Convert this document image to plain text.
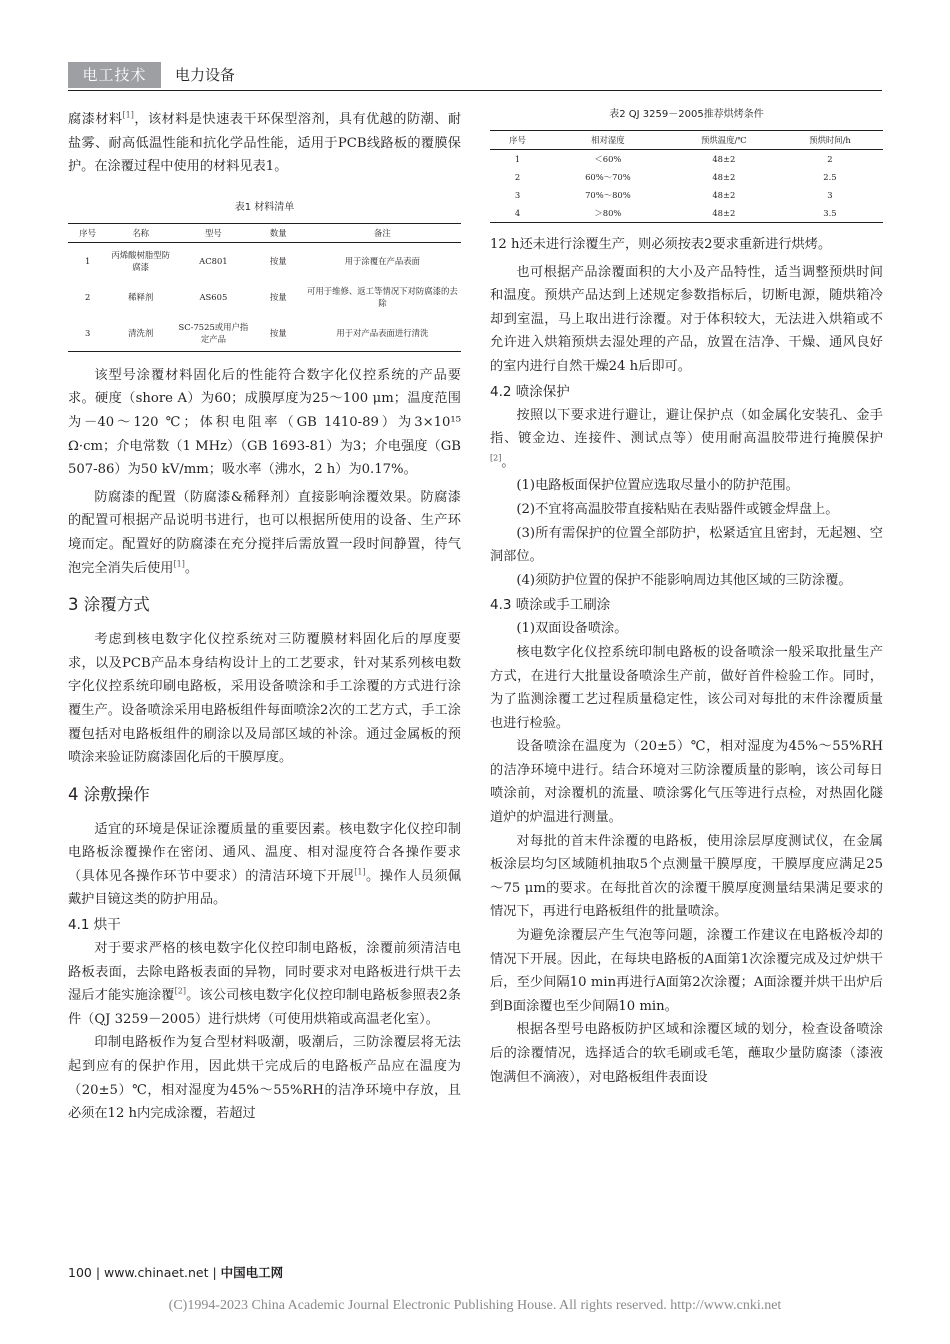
电工技术	电力设备

腐漆材料[1]，该材料是快速表干环保型溶剂，具有优越的防潮、耐盐雾、耐高低温性能和抗化学品性能，适用于PCB线路板的覆膜保护。在涂覆过程中使用的材料见表1。

表1 材料清单
序号	名称	型号	数量	备注
1	丙烯酸树脂型防腐漆	AC801	按量	用于涂覆在产品表面
2	稀释剂	AS605	按量	可用于维修、返工等情况下对防腐漆的去除
3	清洗剂	SC-7525或用户指定产品	按量	用于对产品表面进行清洗

该型号涂覆材料固化后的性能符合数字化仪控系统的产品要求。硬度（shore A）为60；成膜厚度为25～100 μm；温度范围为－40～120 ℃；体积电阻率（GB 1410-89）为3×10¹⁵ Ω·cm；介电常数（1 MHz）（GB 1693-81）为3；介电强度（GB 507-86）为50 kV/mm；吸水率（沸水，2 h）为0.17%。

防腐漆的配置（防腐漆&稀释剂）直接影响涂覆效果。防腐漆的配置可根据产品说明书进行，也可以根据所使用的设备、生产环境而定。配置好的防腐漆在充分搅拌后需放置一段时间静置，待气泡完全消失后使用[1]。

3 涂覆方式

考虑到核电数字化仪控系统对三防覆膜材料固化后的厚度要求，以及PCB产品本身结构设计上的工艺要求，针对某系列核电数字化仪控系统印刷电路板，采用设备喷涂和手工涂覆的方式进行涂覆生产。设备喷涂采用电路板组件每面喷涂2次的工艺方式，手工涂覆包括对电路板组件的刷涂以及局部区域的补涂。通过金属板的预喷涂来验证防腐漆固化后的干膜厚度。

4 涂敷操作

适宜的环境是保证涂覆质量的重要因素。核电数字化仪控印制电路板涂覆操作在密闭、通风、温度、相对湿度符合各操作要求（具体见各操作环节中要求）的清洁环境下开展[1]。操作人员须佩戴护目镜这类的防护用品。

4.1 烘干

对于要求严格的核电数字化仪控印制电路板，涂覆前须清洁电路板表面，去除电路板表面的异物，同时要求对电路板进行烘干去湿后才能实施涂覆[2]。该公司核电数字化仪控印制电路板参照表2条件（QJ 3259－2005）进行烘烤（可使用烘箱或高温老化室）。

印制电路板作为复合型材料吸潮，吸潮后，三防涂覆层将无法起到应有的保护作用，因此烘干完成后的电路板产品应在温度为（20±5）℃，相对湿度为45%～55%RH的洁净环境中存放，且必须在12 h内完成涂覆，若超过

表2 QJ 3259－2005推荐烘烤条件
序号	相对湿度	预烘温度/℃	预烘时间/h
1	＜60%	48±2	2
2	60%～70%	48±2	2.5
3	70%～80%	48±2	3
4	＞80%	48±2	3.5

12 h还未进行涂覆生产，则必须按表2要求重新进行烘烤。

也可根据产品涂覆面积的大小及产品特性，适当调整预烘时间和温度。预烘产品达到上述规定参数指标后，切断电源，随烘箱冷却到室温，马上取出进行涂覆。对于体积较大，无法进入烘箱或不允许进入烘箱预烘去湿处理的产品，放置在洁净、干燥、通风良好的室内进行自然干燥24 h后即可。

4.2 喷涂保护

按照以下要求进行避让，避让保护点（如金属化安装孔、金手指、镀金边、连接件、测试点等）使用耐高温胶带进行掩膜保护[2]。

(1)电路板面保护位置应选取尽量小的防护范围。

(2)不宜将高温胶带直接粘贴在表贴器件或镀金焊盘上。

(3)所有需保护的位置全部防护，松紧适宜且密封，无起翘、空洞部位。

(4)须防护位置的保护不能影响周边其他区域的三防涂覆。

4.3 喷涂或手工刷涂

(1)双面设备喷涂。

核电数字化仪控系统印制电路板的设备喷涂一般采取批量生产方式，在进行大批量设备喷涂生产前，做好首件检验工作。同时，为了监测涂覆工艺过程质量稳定性，该公司对每批的末件涂覆质量也进行检验。

设备喷涂在温度为（20±5）℃，相对湿度为45%～55%RH的洁净环境中进行。结合环境对三防涂覆质量的影响，该公司每日喷涂前，对涂覆机的流量、喷涂雾化气压等进行点检，对热固化隧道炉的炉温进行测量。

对每批的首末件涂覆的电路板，使用涂层厚度测试仪，在金属板涂层均匀区域随机抽取5个点测量干膜厚度，干膜厚度应满足25～75 μm的要求。在每批首次的涂覆干膜厚度测量结果满足要求的情况下，再进行电路板组件的批量喷涂。

为避免涂覆层产生气泡等问题，涂覆工作建议在电路板冷却的情况下开展。因此，在每块电路板的A面第1次涂覆完成及过炉烘干后，至少间隔10 min再进行A面第2次涂覆；A面涂覆并烘干出炉后到B面涂覆也至少间隔10 min。

根据各型号电路板防护区域和涂覆区域的划分，检查设备喷涂后的涂覆情况，选择适合的软毛刷或毛笔，蘸取少量防腐漆（漆液饱满但不滴液），对电路板组件表面设

100 | www.chinaet.net | 中国电工网
(C)1994-2023 China Academic Journal Electronic Publishing House. All rights reserved. http://www.cnki.net
